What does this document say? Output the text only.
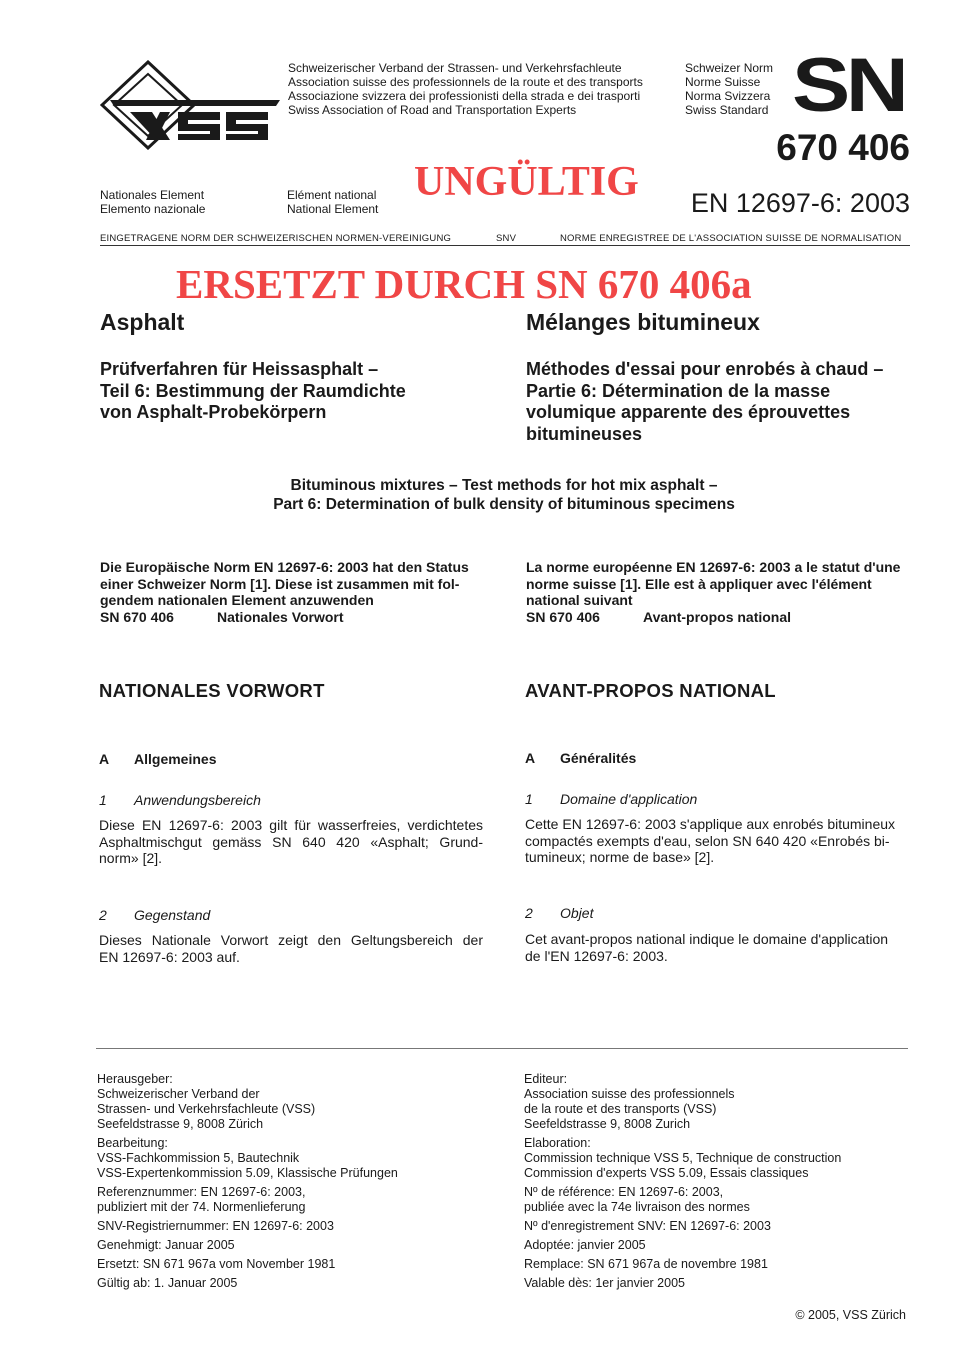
Schweizerischer Verband der Strassen- und Verkehrsfachleute
Association suisse des professionnels de la route et des transports
Associazione svizzera dei professionisti della strada e dei trasporti
Swiss Association of Road and Transportation Experts
Schweizer Norm
Norme Suisse
Norma Svizzera
Swiss Standard SN
670 406
EN 12697-6: 2003
Nationales Element
Elemento nazionale
Elément national
National Element
UNGÜLTIG
EINGETRAGENE NORM DER SCHWEIZERISCHEN NORMEN-VEREINIGUNG	SNV	NORME ENREGISTREE DE L'ASSOCIATION SUISSE DE NORMALISATION
ERSETZT DURCH SN 670 406a
Asphalt	Mélanges bitumineux
Prüfverfahren für Heissasphalt –
Teil 6: Bestimmung der Raumdichte
von Asphalt-Probekörpern
Méthodes d'essai pour enrobés à chaud –
Partie 6: Détermination de la masse
volumique apparente des éprouvettes
bitumineuses
Bituminous mixtures – Test methods for hot mix asphalt –
Part 6: Determination of bulk density of bituminous specimens
Die Europäische Norm EN 12697-6: 2003 hat den Status
einer Schweizer Norm [1]. Diese ist zusammen mit fol-
gendem nationalen Element anzuwenden
SN 670 406	Nationales Vorwort
La norme européenne EN 12697-6: 2003 a le statut d'une
norme suisse [1]. Elle est à appliquer avec l'élément
national suivant
SN 670 406	Avant-propos national
NATIONALES VORWORT	AVANT-PROPOS NATIONAL
A Allgemeines	A Généralités
1 Anwendungsbereich
Diese EN 12697-6: 2003 gilt für wasserfreies, verdichtetes
Asphaltmischgut gemäss SN 640 420 «Asphalt; Grund-
norm» [2].
1 Domaine d'application
Cette EN 12697-6: 2003 s'applique aux enrobés bitumineux
compactés exempts d'eau, selon SN 640 420 «Enrobés bi-
tumineux; norme de base» [2].
2 Gegenstand
Dieses Nationale Vorwort zeigt den Geltungsbereich der
EN 12697-6: 2003 auf.
2 Objet
Cet avant-propos national indique le domaine d'application
de l'EN 12697-6: 2003.
Herausgeber:
Schweizerischer Verband der
Strassen- und Verkehrsfachleute (VSS)
Seefeldstrasse 9, 8008 Zürich
Bearbeitung:
VSS-Fachkommission 5, Bautechnik
VSS-Expertenkommission 5.09, Klassische Prüfungen
Referenznummer: EN 12697-6: 2003,
publiziert mit der 74. Normenlieferung
SNV-Registriernummer: EN 12697-6: 2003
Genehmigt: Januar 2005
Ersetzt: SN 671 967a vom November 1981
Gültig ab: 1. Januar 2005
Editeur:
Association suisse des professionnels
de la route et des transports (VSS)
Seefeldstrasse 9, 8008 Zurich
Elaboration:
Commission technique VSS 5, Technique de construction
Commission d'experts VSS 5.09, Essais classiques
Nº de référence: EN 12697-6: 2003,
publiée avec la 74e livraison des normes
Nº d'enregistrement SNV: EN 12697-6: 2003
Adoptée: janvier 2005
Remplace: SN 671 967a de novembre 1981
Valable dès: 1er janvier 2005
© 2005, VSS Zürich
